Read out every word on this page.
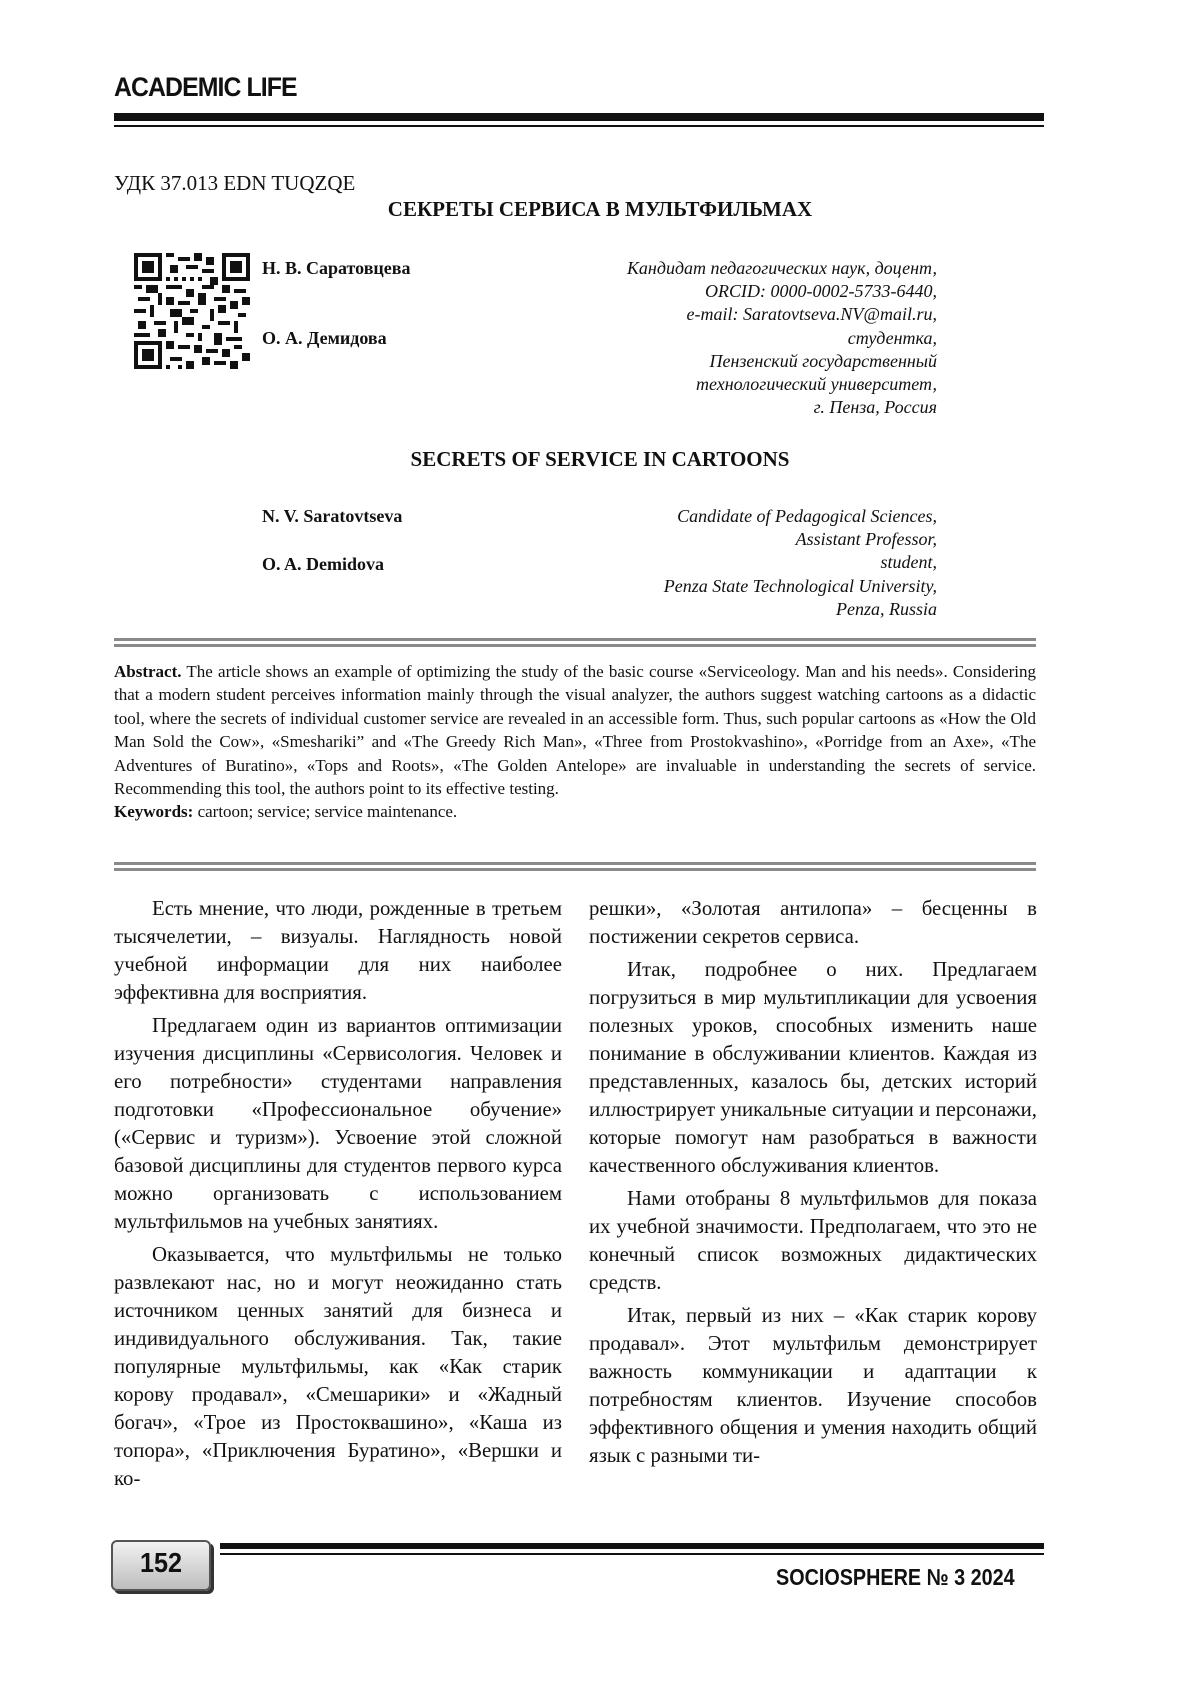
ACADEMIC LIFE
УДК 37.013 EDN TUQZQE
СЕКРЕТЫ СЕРВИСА В МУЛЬТФИЛЬМАХ
Н. В. Саратовцева
О. А. Демидова
Кандидат педагогических наук, доцент,
ORCID: 0000-0002-5733-6440,
e-mail: Saratovtseva.NV@mail.ru,
студентка,
Пензенский государственный
технологический университет,
г. Пенза, Россия
SECRETS OF SERVICE IN CARTOONS
N. V. Saratovtseva
O. A. Demidova
Candidate of Pedagogical Sciences,
Assistant Professor,
student,
Penza State Technological University,
Penza, Russia

Abstract. The article shows an example of optimizing the study of the basic course «Serviceology. Man and his needs». Considering that a modern student perceives information mainly through the visual analyzer, the authors suggest watching cartoons as a didactic tool, where the secrets of individual customer service are revealed in an accessible form. Thus, such popular cartoons as «How the Old Man Sold the Cow», «Smeshariki” and «The Greedy Rich Man», «Three from Prostokvashino», «Porridge from an Axe», «The Adventures of Buratino», «Tops and Roots», «The Golden Antelope» are invaluable in understanding the secrets of service. Recommending this tool, the authors point to its effective testing.

Keywords: cartoon; service; service maintenance.

Есть мнение, что люди, рожденные в третьем тысячелетии, – визуалы. Наглядность новой учебной информации для них наиболее эффективна для восприятия.

Предлагаем один из вариантов оптимизации изучения дисциплины «Сервисология. Человек и его потребности» студентами направления подготовки «Профессиональное обучение» («Сервис и туризм»). Усвоение этой сложной базовой дисциплины для студентов первого курса можно организовать с использованием мультфильмов на учебных занятиях.

Оказывается, что мультфильмы не только развлекают нас, но и могут неожиданно стать источником ценных занятий для бизнеса и индивидуального обслуживания. Так, такие популярные мультфильмы, как «Как старик корову продавал», «Смешарики» и «Жадный богач», «Трое из Простоквашино», «Каша из топора», «Приключения Буратино», «Вершки и ко-

решки», «Золотая антилопа» – бесценны в постижении секретов сервиса.

Итак, подробнее о них. Предлагаем погрузиться в мир мультипликации для усвоения полезных уроков, способных изменить наше понимание в обслуживании клиентов. Каждая из представленных, казалось бы, детских историй иллюстрирует уникальные ситуации и персонажи, которые помогут нам разобраться в важности качественного обслуживания клиентов.

Нами отобраны 8 мультфильмов для показа их учебной значимости. Предполагаем, что это не конечный список возможных дидактических средств.

Итак, первый из них – «Как старик корову продавал». Этот мультфильм демонстрирует важность коммуникации и адаптации к потребностям клиентов. Изучение способов эффективного общения и умения находить общий язык с разными ти-

152	SOCIOSPHERE № 3 2024
